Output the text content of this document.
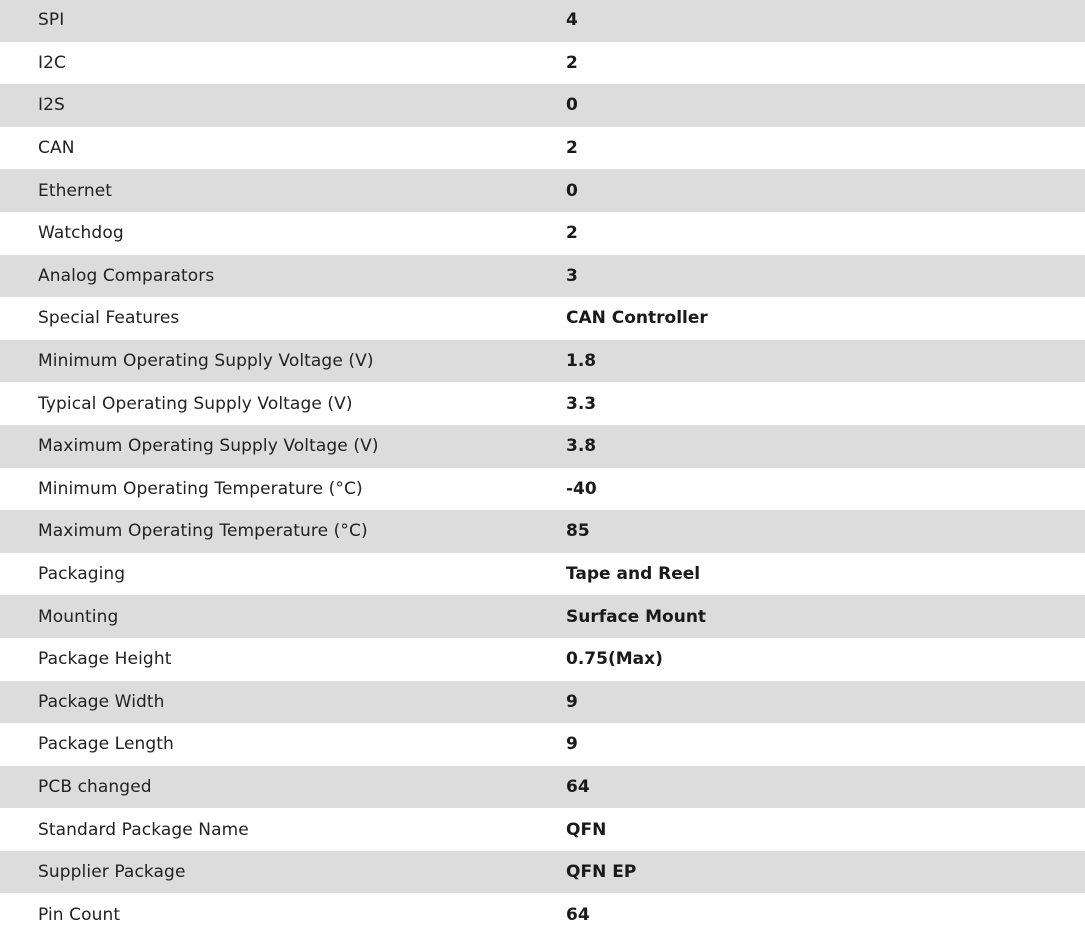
SPI	4
I2C	2
I2S	0
CAN	2
Ethernet	0
Watchdog	2
Analog Comparators	3
Special Features	CAN Controller
Minimum Operating Supply Voltage (V)	1.8
Typical Operating Supply Voltage (V)	3.3
Maximum Operating Supply Voltage (V)	3.8
Minimum Operating Temperature (°C)	-40
Maximum Operating Temperature (°C)	85
Packaging	Tape and Reel
Mounting	Surface Mount
Package Height	0.75(Max)
Package Width	9
Package Length	9
PCB changed	64
Standard Package Name	QFN
Supplier Package	QFN EP
Pin Count	64
